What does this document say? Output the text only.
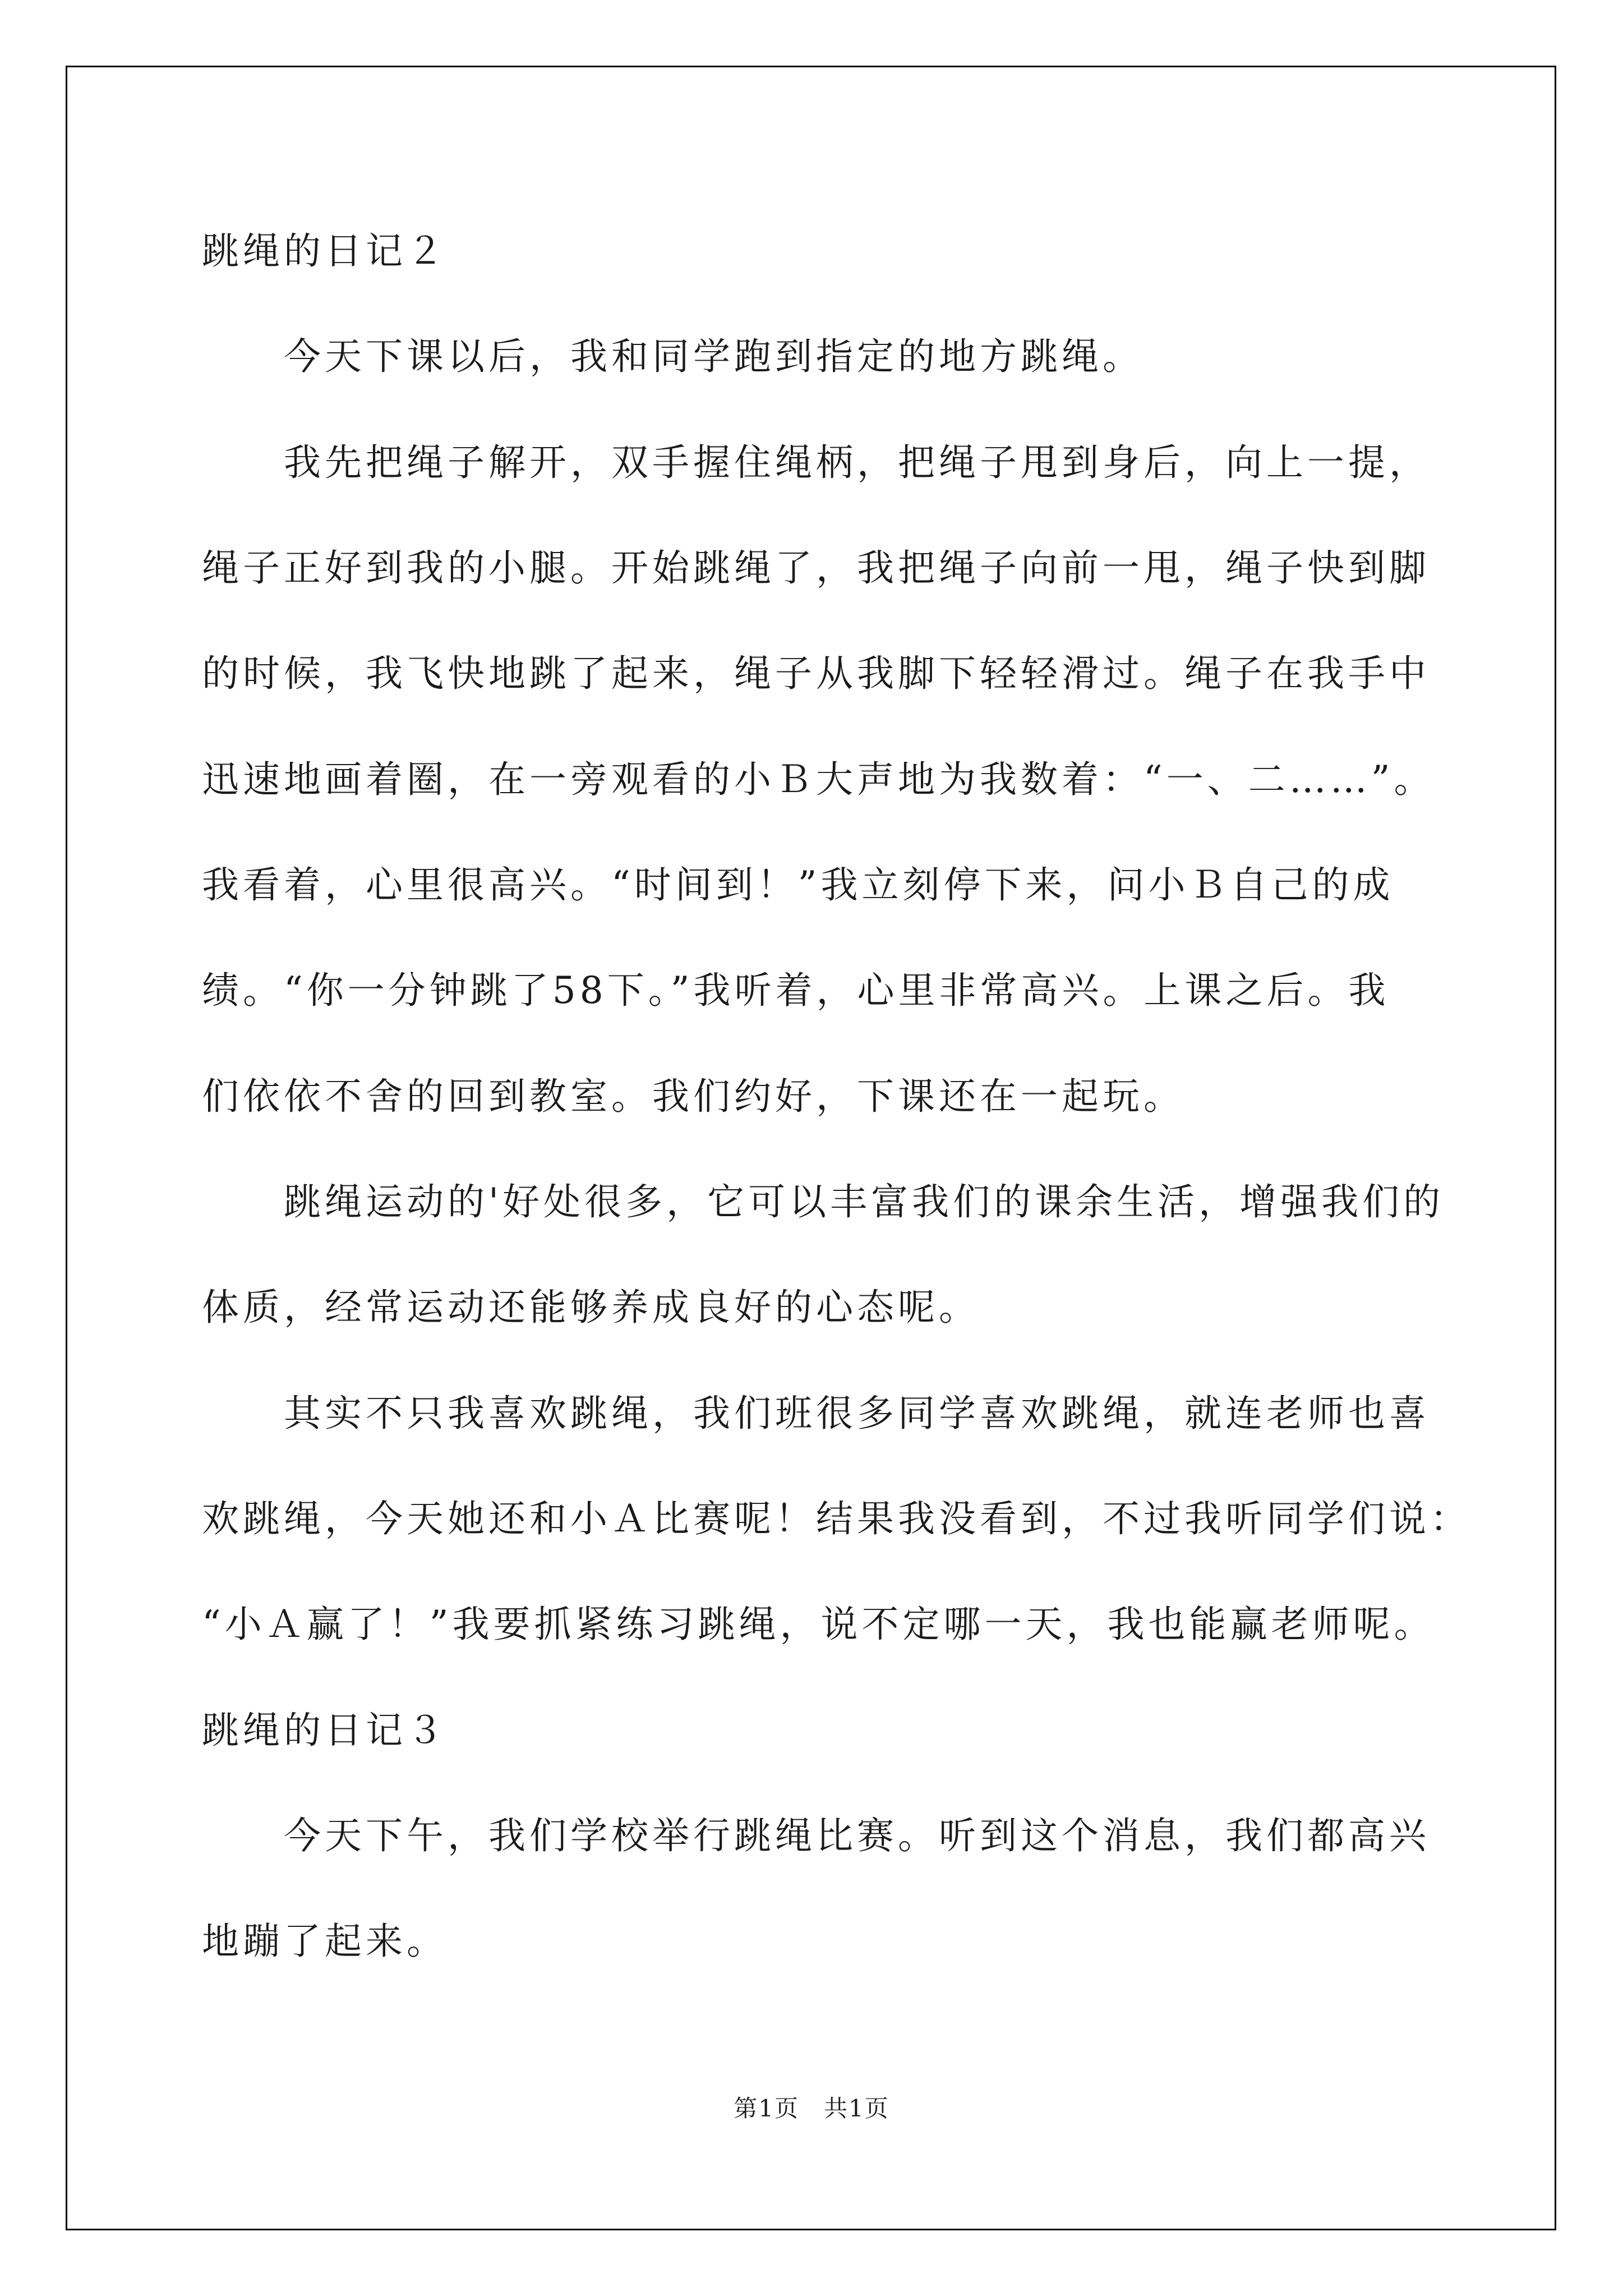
跳绳的日记２
　　今天下课以后，我和同学跑到指定的地方跳绳。
　　我先把绳子解开，双手握住绳柄，把绳子甩到身后，向上一提，
绳子正好到我的小腿。开始跳绳了，我把绳子向前一甩，绳子快到脚
的时候，我飞快地跳了起来，绳子从我脚下轻轻滑过。绳子在我手中
迅速地画着圈，在一旁观看的小Ｂ大声地为我数着：“一、二……”。
我看着，心里很高兴。“时间到！”我立刻停下来，问小Ｂ自己的成
绩。“你一分钟跳了58下。”我听着，心里非常高兴。上课之后。我
们依依不舍的回到教室。我们约好，下课还在一起玩。
　　跳绳运动的'好处很多，它可以丰富我们的课余生活，增强我们的
体质，经常运动还能够养成良好的心态呢。
　　其实不只我喜欢跳绳，我们班很多同学喜欢跳绳，就连老师也喜
欢跳绳，今天她还和小Ａ比赛呢！结果我没看到，不过我听同学们说：
“小Ａ赢了！”我要抓紧练习跳绳，说不定哪一天，我也能赢老师呢。
跳绳的日记３
　　今天下午，我们学校举行跳绳比赛。听到这个消息，我们都高兴
地蹦了起来。
第1页　共1页
